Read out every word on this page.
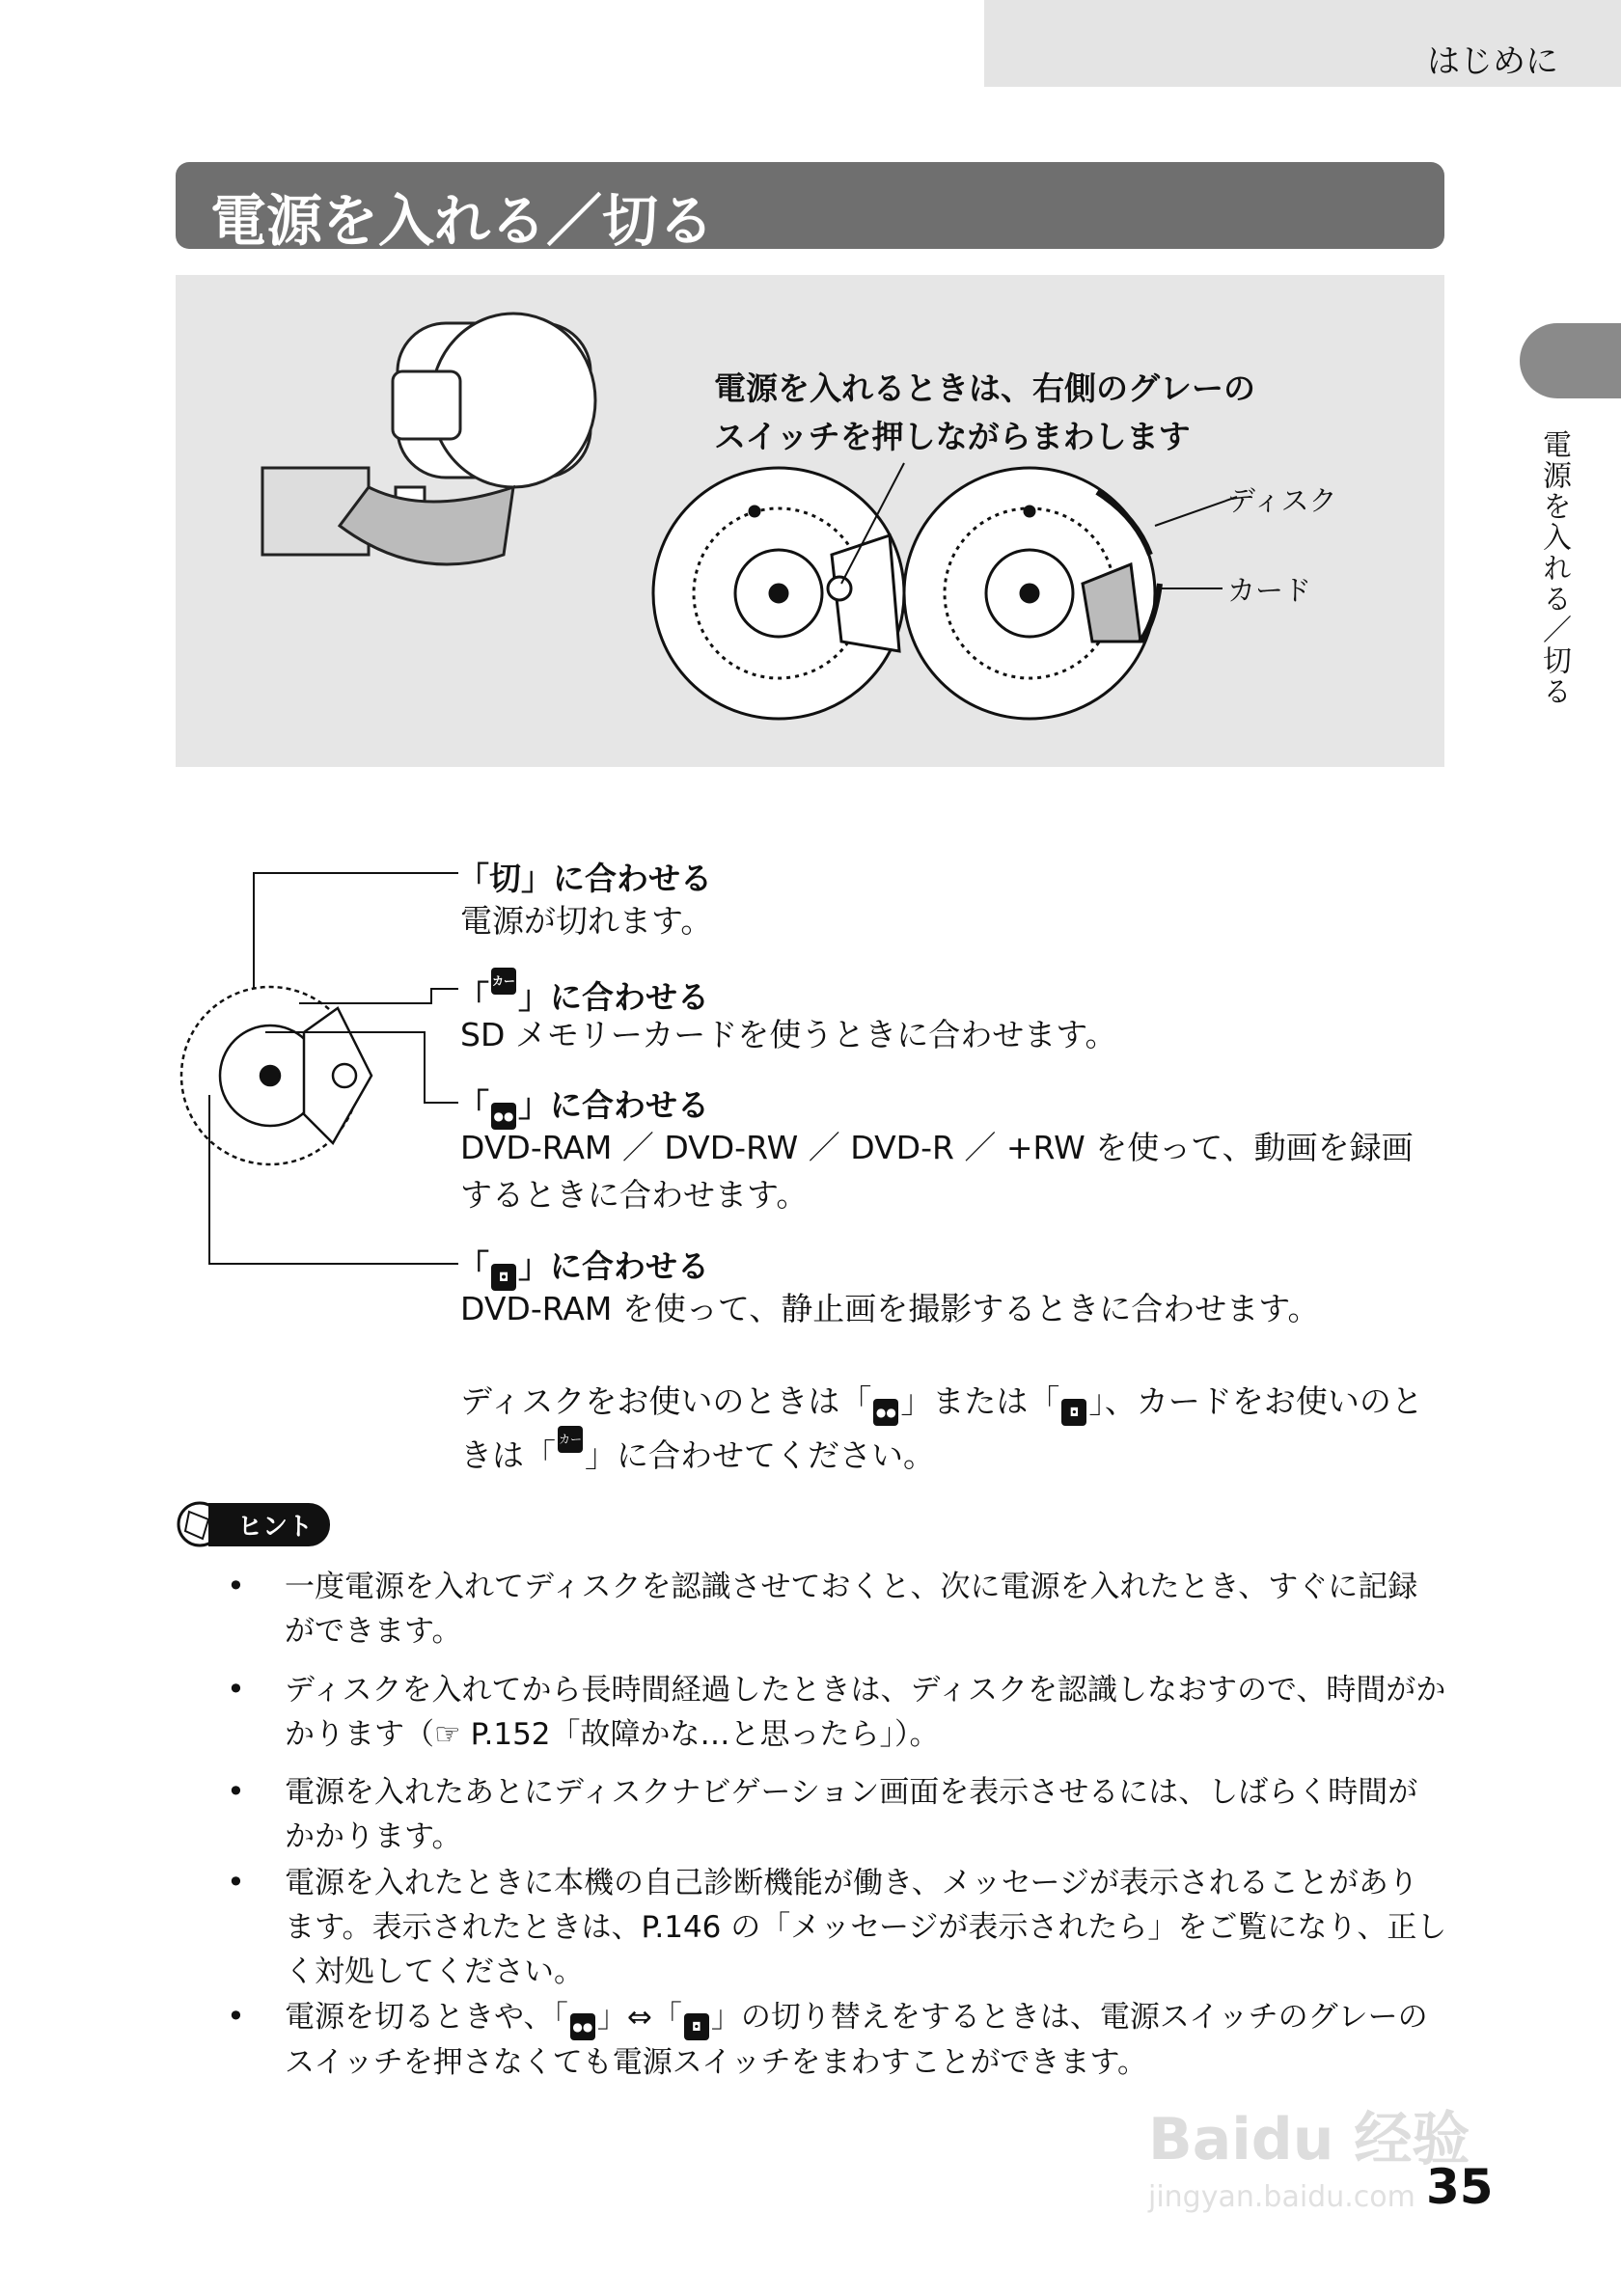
はじめに
電源を入れる／切る
電源を入れる／切る
電源を入れるときは、右側のグレーの
スイッチを押しながらまわします
ディスク
カード
「切」に合わせる
電源が切れます。
「 カード 」に合わせる
SD メモリーカードを使うときに合わせます。
「 ●● 」に合わせる
DVD-RAM ／ DVD-RW ／ DVD-R ／ +RW を使って、動画を録画
するときに合わせます。
「 ◘ 」に合わせる
DVD-RAM を使って、静止画を撮影するときに合わせます。
ディスクをお使いのときは「 ●● 」または「 ◘ 」、カードをお使いのと
きは「 カード 」に合わせてください。
ヒント
• 一度電源を入れてディスクを認識させておくと、次に電源を入れたとき、すぐに記録ができます。
• ディスクを入れてから長時間経過したときは、ディスクを認識しなおすので、時間がかかります（☞ P.152「故障かな…と思ったら」）。
• 電源を入れたあとにディスクナビゲーション画面を表示させるには、しばらく時間がかかります。
• 電源を入れたときに本機の自己診断機能が働き、メッセージが表示されることがあります。表示されたときは、P.146 の「メッセージが表示されたら」をご覧になり、正しく対処してください。
• 電源を切るときや、「 ●● 」⇔「 ◘ 」の切り替えをするときは、電源スイッチのグレーのスイッチを押さなくても電源スイッチをまわすことができます。
Baidu 经验
jingyan.baidu.com 35
